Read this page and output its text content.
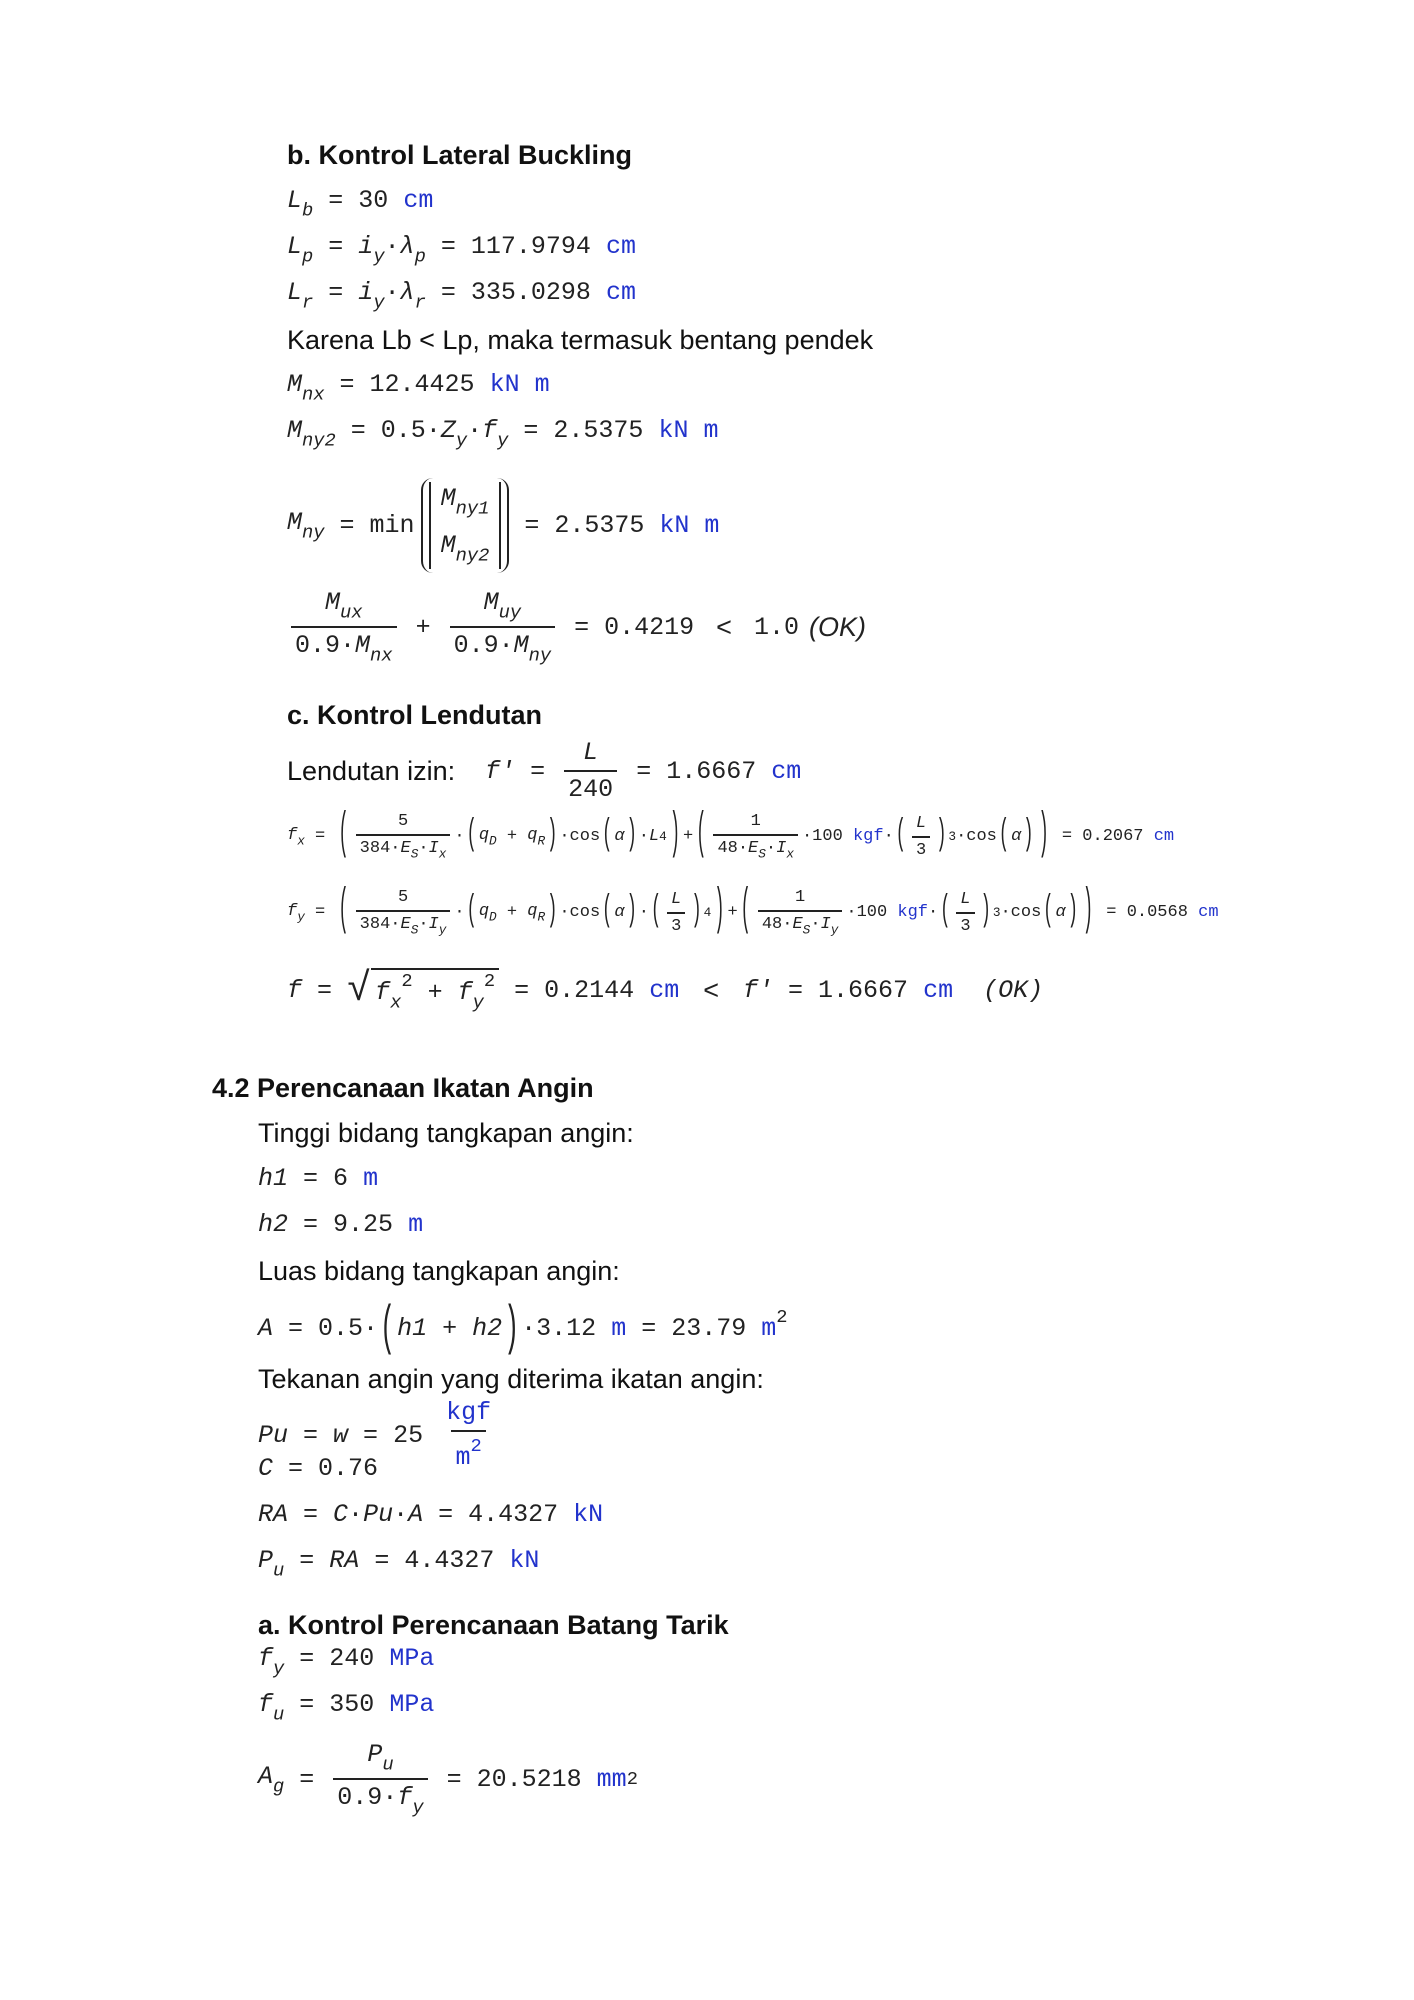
b. Kontrol Lateral Buckling
$L_b = 30$ cm
$L_p = i_y\cdot\lambda_p = 117.9794$ cm
$L_r = i_y\cdot\lambda_r = 335.0298$ cm
Karena Lb < Lp, maka termasuk bentang pendek
$M_{nx} = 12.4425$ kN m
$M_{ny2} = 0.5\cdot Z_y\cdot f_y = 2.5375$ kN m
$M_{ny} = \min$
$M_{ny1}$
$M_{ny2}$
= 2.5375
kN m
$\frac{M_{ux}}{0.9\cdot M_{nx}} + \frac{M_{uy}}{0.9\cdot M_{ny}} = 0.4219 < 1.0$ (OK)
c. Kontrol Lendutan
Lendutan izin: $f' = \frac{L}{240} = 1.6667$
cm
$f_x$ = ( $\frac{5}{384\cdot E_S\cdot I_x}$ · ( $q_D + q_R$ ) ·cos ( α ) · L 4 ) + ( $\frac{1}{48\cdot E_S\cdot I_x} \cdot 100$
kgf · ( $\frac{L}{3}$ ) 3 ·cos ( α ) ) = 0.2067
cm
$f_y$ = ( $\frac{5}{384\cdot E_S\cdot I_y}$ · ( $q_D + q_R$ ) ·cos ( α ) · ( $\frac{L}{3}$ ) 4 ) + ( $\frac{1}{48\cdot E_S\cdot I_y} \cdot 100$
kgf · ( $\frac{L}{3}$ ) 3 ·cos ( α ) ) = 0.0568
cm
f = √ $f_x^2 + f_y^2 = 0.2144$
cm < f' = 1.6667
cm (OK)
4.2 Perencanaan Ikatan Angin
Tinggi bidang tangkapan angin:
h1 = 6 m
h2 = 9.25 m
Luas bidang tangkapan angin:
A = 0.5·(h1 + h2)·3.12 m = 23.79 $m^2$
Tekanan angin yang diterima ikatan angin:
Pu = w = 25
$\frac{\text{kgf}}{m^2}$
C = 0.76
RA = C·Pu·A = 4.4327 kN
$P_u$ = RA = 4.4327 kN
a. Kontrol Perencanaan Batang Tarik
$f_y = 240$ MPa
$f_u = 350$ MPa
$A_g = \frac{P_u}{0.9\cdot f_y} = 20.5218$
mm 2
